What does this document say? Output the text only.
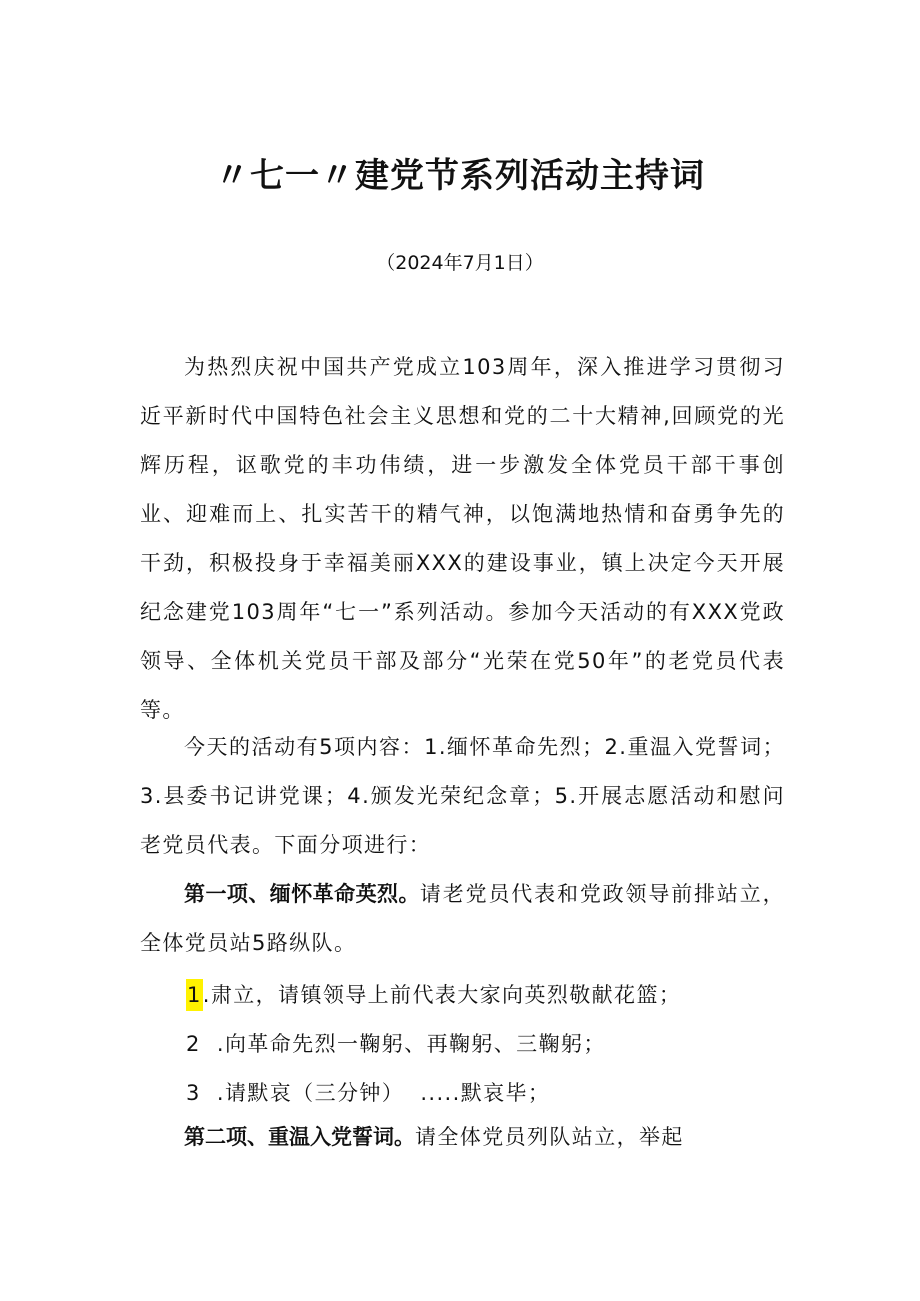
〃七一〃建党节系列活动主持词
（2024年7月1日）
为热烈庆祝中国共产党成立103周年，深入推进学习贯彻习近平新时代中国特色社会主义思想和党的二十大精神,回顾党的光辉历程，讴歌党的丰功伟绩，进一步激发全体党员干部干事创业、迎难而上、扎实苦干的精气神，以饱满地热情和奋勇争先的干劲，积极投身于幸福美丽XXX的建设事业，镇上决定今天开展纪念建党103周年“七一”系列活动。参加今天活动的有XXX党政领导、全体机关党员干部及部分“光荣在党50年”的老党员代表等。
今天的活动有5项内容：1.缅怀革命先烈；2.重温入党誓词；3.县委书记讲党课；4.颁发光荣纪念章；5.开展志愿活动和慰问老党员代表。下面分项进行：
第一项、缅怀革命英烈。请老党员代表和党政领导前排站立，全体党员站5路纵队。
1.肃立，请镇领导上前代表大家向英烈敬献花篮；
2  .向革命先烈一鞠躬、再鞠躬、三鞠躬；
3  .请默哀（三分钟）  .....默哀毕；
第二项、重温入党誓词。请全体党员列队站立，举起
